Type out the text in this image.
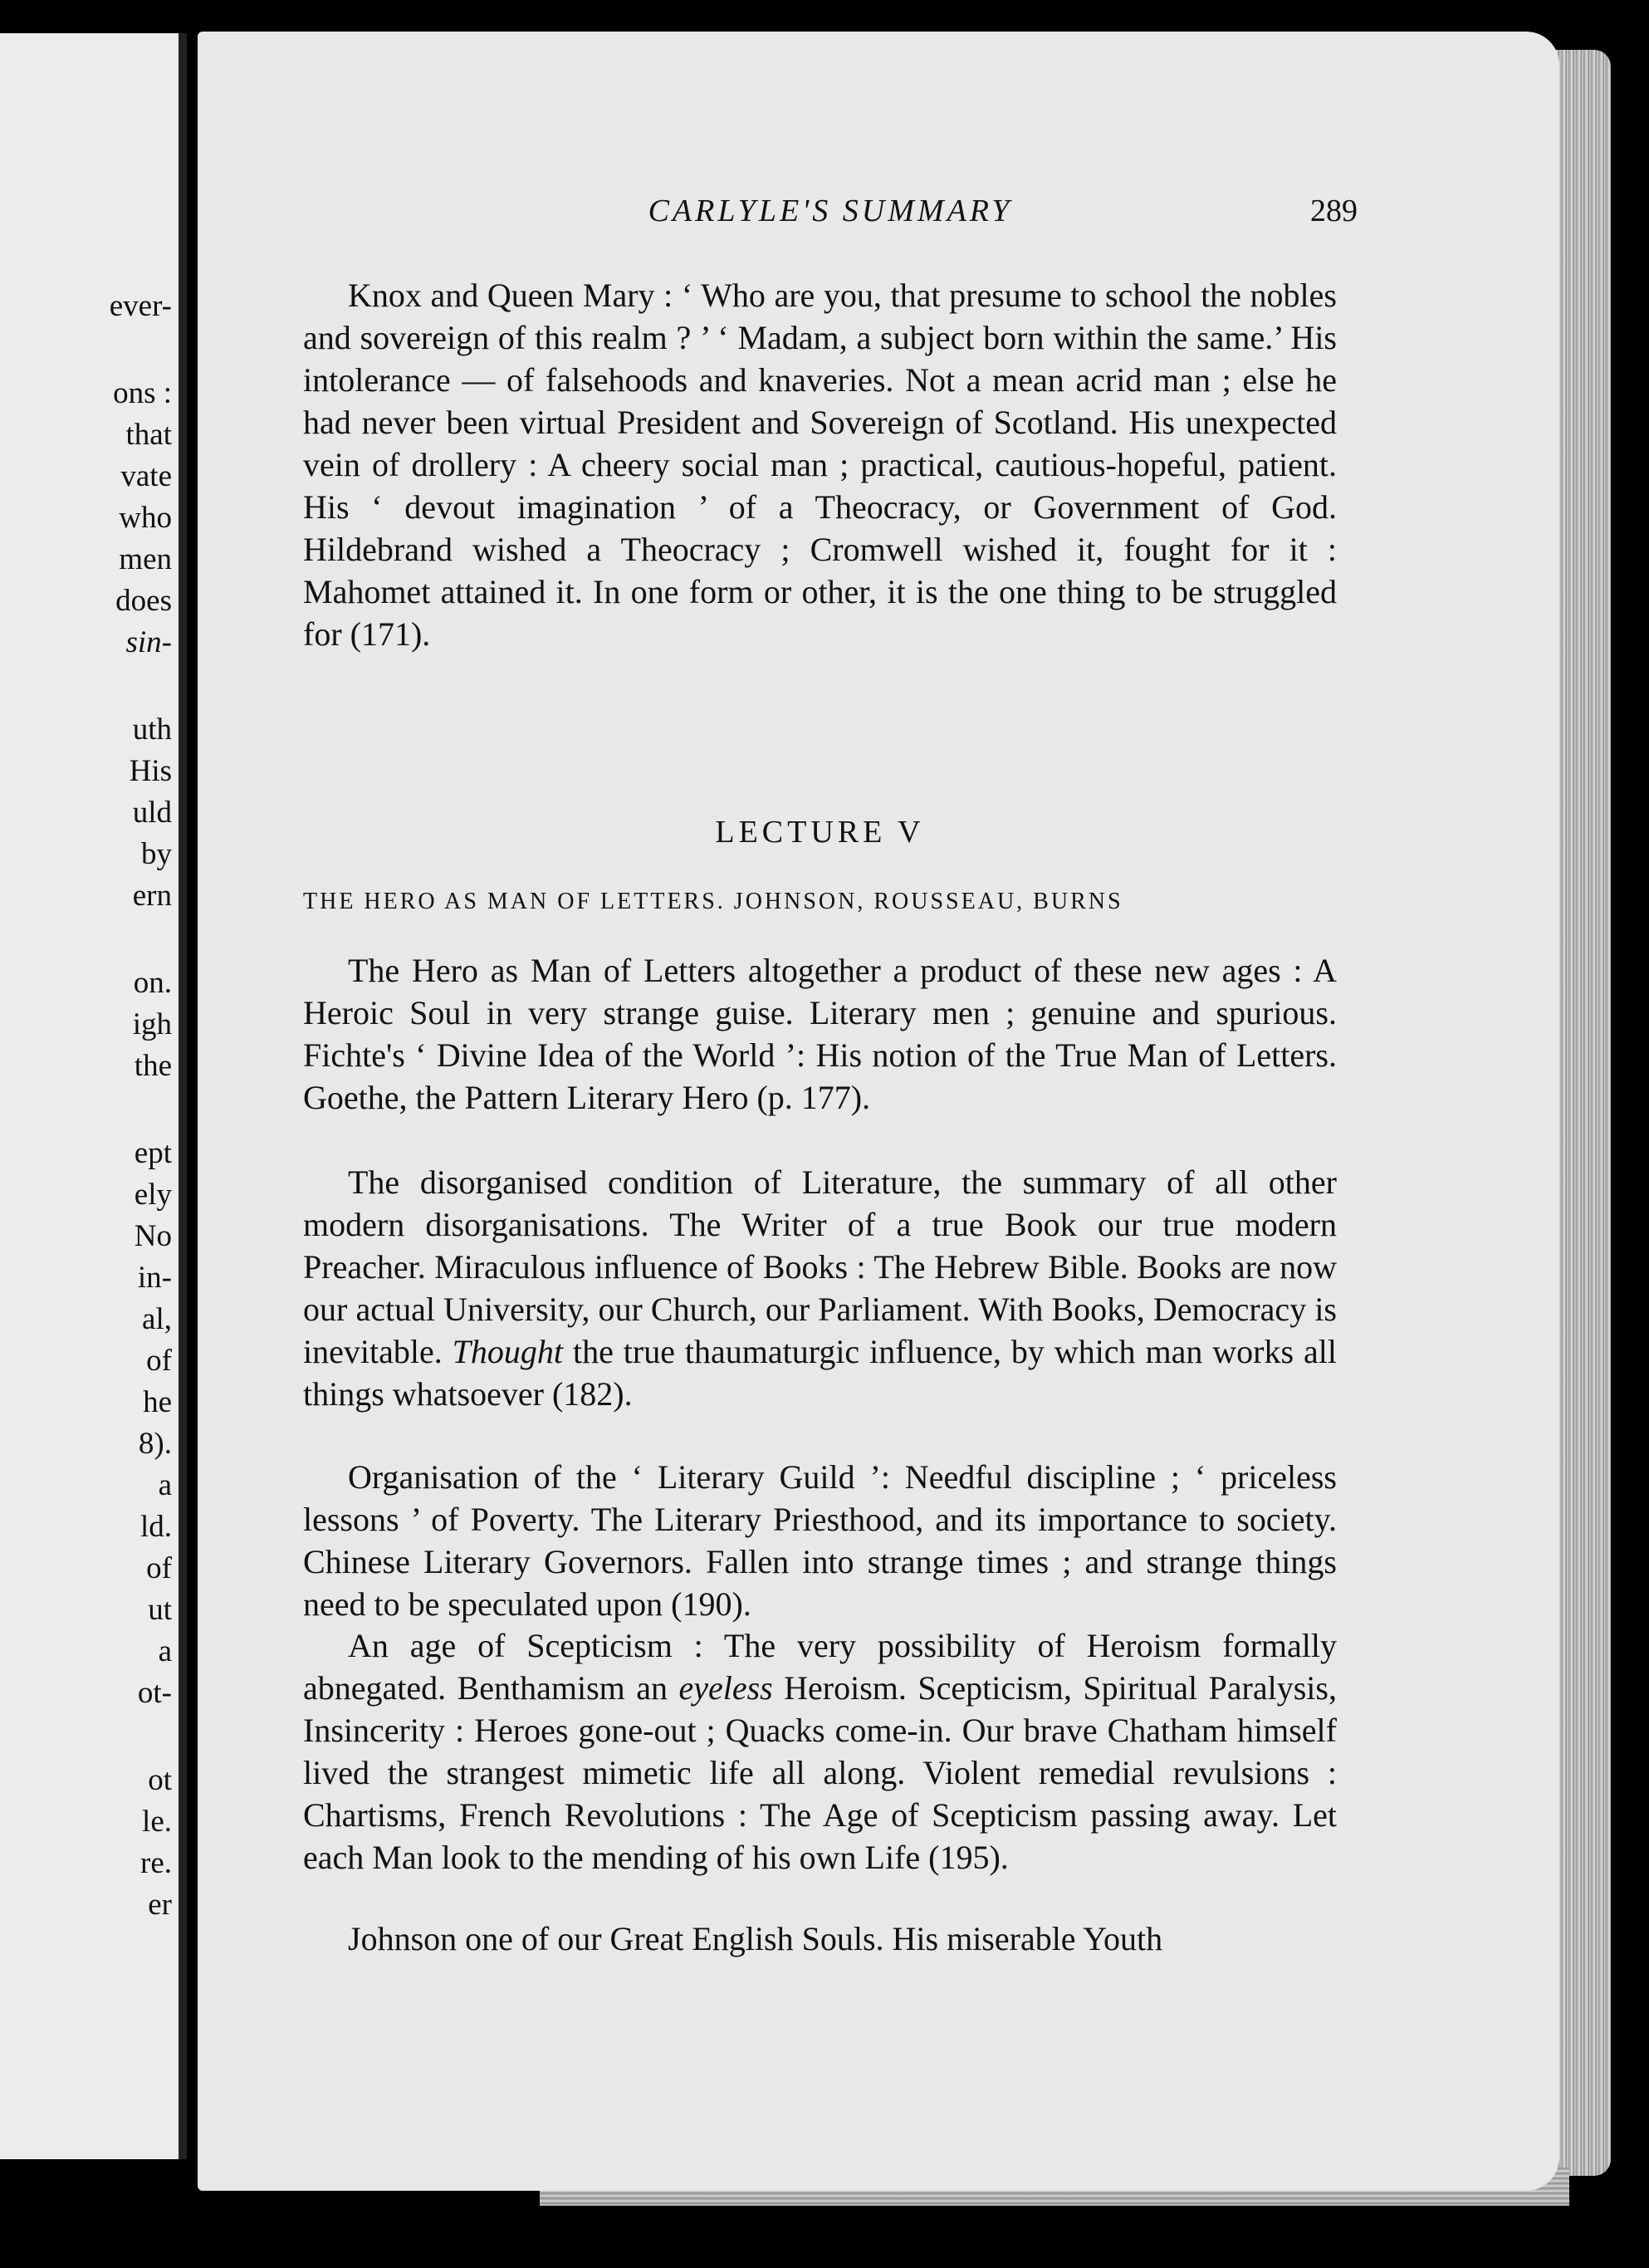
ever-
ons :
that
vate
who
men
does
sin-
uth
His
uld
by
ern
on.
igh
the
ept
ely
No
in-
al,
of
he
8).
a
ld.
of
ut
a
ot-
ot
le.
re.
er
CARLYLE'S SUMMARY	289

Knox and Queen Mary : ‘ Who are you, that presume to school the nobles and sovereign of this realm ? ’ ‘ Madam, a subject born within the same.’ His intolerance — of falsehoods and knaveries. Not a mean acrid man ; else he had never been virtual President and Sovereign of Scotland. His unexpected vein of drollery : A cheery social man ; practical, cautious-hopeful, patient. His ‘ devout imagination ’ of a Theocracy, or Government of God. Hildebrand wished a Theocracy ; Cromwell wished it, fought for it : Mahomet attained it. In one form or other, it is the one thing to be struggled for (171).

LECTURE V

THE HERO AS MAN OF LETTERS. JOHNSON, ROUSSEAU, BURNS

The Hero as Man of Letters altogether a product of these new ages : A Heroic Soul in very strange guise. Literary men ; genuine and spurious. Fichte's ‘ Divine Idea of the World ’: His notion of the True Man of Letters. Goethe, the Pattern Literary Hero (p. 177).

The disorganised condition of Literature, the summary of all other modern disorganisations. The Writer of a true Book our true modern Preacher. Miraculous influence of Books : The Hebrew Bible. Books are now our actual University, our Church, our Parliament. With Books, Democracy is inevitable. Thought the true thaumaturgic influence, by which man works all things whatsoever (182).

Organisation of the ‘ Literary Guild ’: Needful discipline ; ‘ priceless lessons ’ of Poverty. The Literary Priesthood, and its importance to society. Chinese Literary Governors. Fallen into strange times ; and strange things need to be speculated upon (190).

An age of Scepticism : The very possibility of Heroism formally abnegated. Benthamism an eyeless Heroism. Scepticism, Spiritual Paralysis, Insincerity : Heroes gone-out ; Quacks come-in. Our brave Chatham himself lived the strangest mimetic life all along. Violent remedial revulsions : Chartisms, French Revolutions : The Age of Scepticism passing away. Let each Man look to the mending of his own Life (195).

Johnson one of our Great English Souls. His miserable Youth
